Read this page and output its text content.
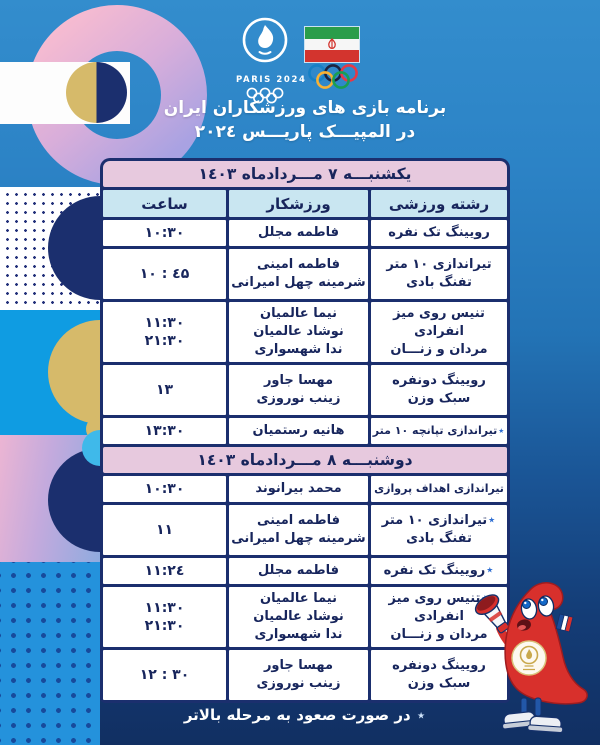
PARIS 2024
برنامه بازی های ورزشکاران ایران
در المپیـــک پاریـــس ۲۰۲٤
یکشنبـــه ۷ مـــردادماه ۱٤۰۳
رشته ورزشی
ورزشکار
ساعت
رویینگ تک نفره
فاطمه مجلل
۱۰:۳۰
تیراندازی ۱۰ متر
تفنگ بادی
فاطمه امینی
شرمینه چهل امیرانی
۱۰ : ٤۵
تنیس روی میز
انفرادی
مردان و زنـــان
نیما عالمیان
نوشاد عالمیان
ندا شهسواری
۱۱:۳۰
۲۱:۳۰
رویینگ دونفره
سبک وزن
مهسا جاور
زینب نوروزی
۱۳
٭تیراندازی تپانچه ۱۰ متر
هانیه رستمیان
۱۳:۳۰
دوشنبـــه ۸ مـــردادماه ۱٤۰۳
تیراندازی اهداف پروازی
محمد بیرانوند
۱۰:۳۰
٭تیراندازی ۱۰ متر
تفنگ بادی
فاطمه امینی
شرمینه چهل امیرانی
۱۱
٭رویینگ تک نفره
فاطمه مجلل
۱۱:۲٤
تنیس روی میز
انفرادی
مردان و زنـــان
نیما عالمیان
نوشاد عالمیان
ندا شهسواری
۱۱:۳۰
۲۱:۳۰
رویینگ دونفره
سبک وزن
مهسا جاور
زینب نوروزی
۱۲ : ۳۰
٭ در صورت صعود به مرحله بالاتر
